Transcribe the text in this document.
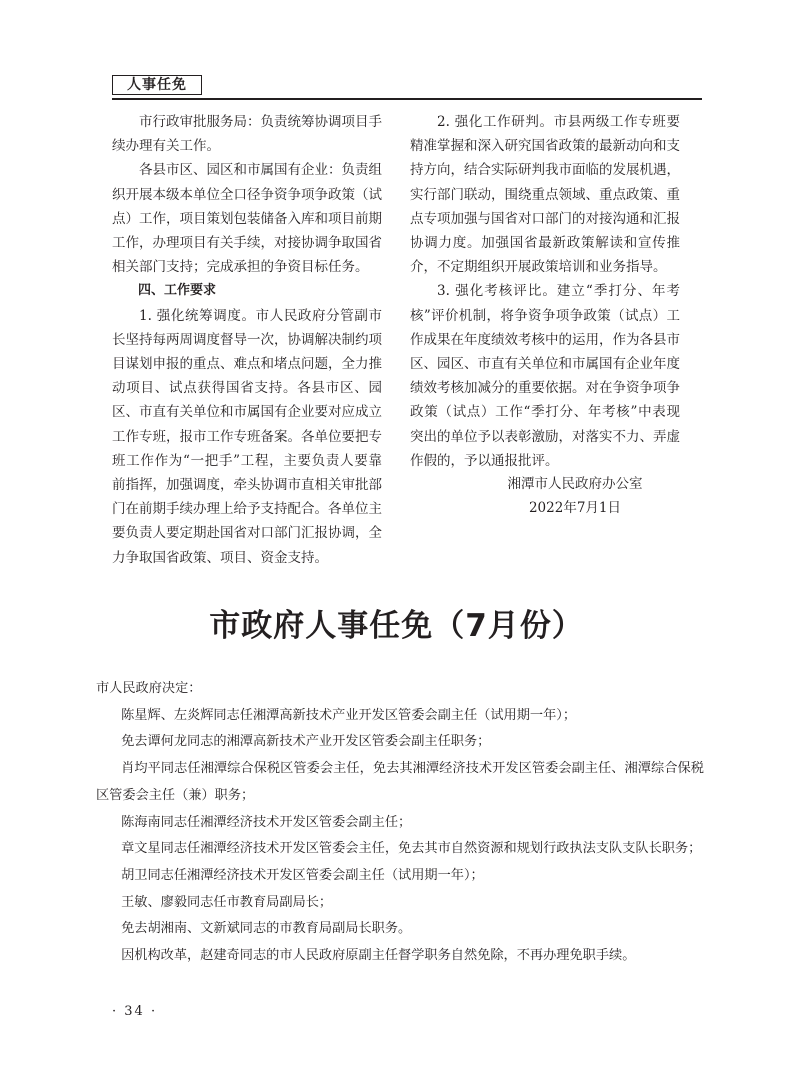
人事任免

市行政审批服务局：负责统筹协调项目手续办理有关工作。

各县市区、园区和市属国有企业：负责组织开展本级本单位全口径争资争项争政策（试点）工作，项目策划包装储备入库和项目前期工作，办理项目有关手续，对接协调争取国省相关部门支持；完成承担的争资目标任务。

四、工作要求

1. 强化统筹调度。市人民政府分管副市长坚持每两周调度督导一次，协调解决制约项目谋划申报的重点、难点和堵点问题，全力推动项目、试点获得国省支持。各县市区、园区、市直有关单位和市属国有企业要对应成立工作专班，报市工作专班备案。各单位要把专班工作作为“一把手”工程，主要负责人要靠前指挥，加强调度，牵头协调市直相关审批部门在前期手续办理上给予支持配合。各单位主要负责人要定期赴国省对口部门汇报协调，全力争取国省政策、项目、资金支持。

2. 强化工作研判。市县两级工作专班要精准掌握和深入研究国省政策的最新动向和支持方向，结合实际研判我市面临的发展机遇，实行部门联动，围绕重点领域、重点政策、重点专项加强与国省对口部门的对接沟通和汇报协调力度。加强国省最新政策解读和宣传推介，不定期组织开展政策培训和业务指导。

3. 强化考核评比。建立“季打分、年考核”评价机制，将争资争项争政策（试点）工作成果在年度绩效考核中的运用，作为各县市区、园区、市直有关单位和市属国有企业年度绩效考核加减分的重要依据。对在争资争项争政策（试点）工作“季打分、年考核”中表现突出的单位予以表彰激励，对落实不力、弄虚作假的，予以通报批评。

湘潭市人民政府办公室
2022年7月1日
市政府人事任免（7月份）

市人民政府决定：

陈星辉、左炎辉同志任湘潭高新技术产业开发区管委会副主任（试用期一年）；

免去谭何龙同志的湘潭高新技术产业开发区管委会副主任职务；

肖均平同志任湘潭综合保税区管委会主任，免去其湘潭经济技术开发区管委会副主任、湘潭综合保税区管委会主任（兼）职务；

陈海南同志任湘潭经济技术开发区管委会副主任；

章文星同志任湘潭经济技术开发区管委会主任，免去其市自然资源和规划行政执法支队支队长职务；

胡卫同志任湘潭经济技术开发区管委会副主任（试用期一年）；

王敏、廖毅同志任市教育局副局长；

免去胡湘南、文新斌同志的市教育局副局长职务。

因机构改革，赵建奇同志的市人民政府原副主任督学职务自然免除，不再办理免职手续。

· 34 ·
